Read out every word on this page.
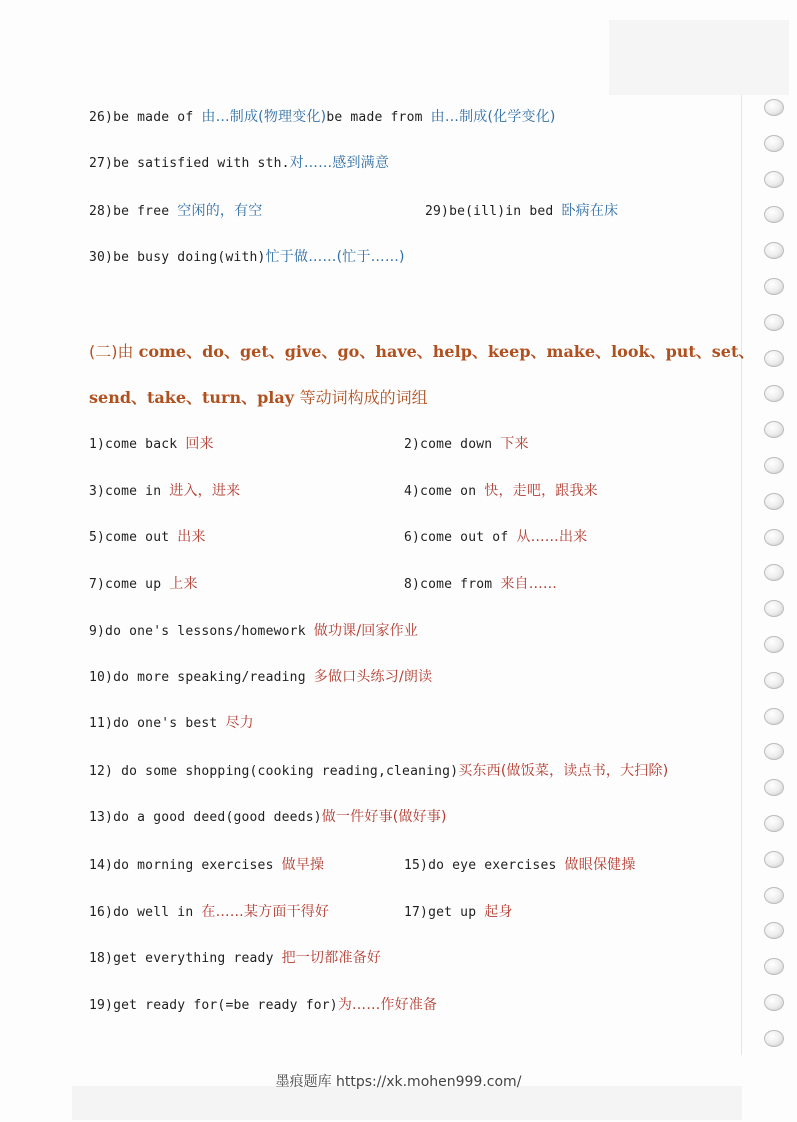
26)be made of 由…制成(物理变化)be made from 由…制成(化学变化)
27)be satisfied with sth.对……感到满意
28)be free 空闲的，有空	29)be(ill)in bed 卧病在床
30)be busy doing(with)忙于做……(忙于……)
(二)由 come、do、get、give、go、have、help、keep、make、look、put、set、
send、take、turn、play 等动词构成的词组
1)come back 回来	2)come down 下来
3)come in 进入，进来	4)come on 快，走吧，跟我来
5)come out 出来	6)come out of 从……出来
7)come up 上来	8)come from 来自……
9)do one's lessons/homework 做功课/回家作业
10)do more speaking/reading 多做口头练习/朗读
11)do one's best 尽力
12) do some shopping(cooking reading,cleaning)买东西(做饭菜，读点书，大扫除)
13)do a good deed(good deeds)做一件好事(做好事)
14)do morning exercises 做早操	15)do eye exercises 做眼保健操
16)do well in 在……某方面干得好	17)get up 起身
18)get everything ready 把一切都准备好
19)get ready for(=be ready for)为……作好准备
墨痕题库 https://xk.mohen999.com/
